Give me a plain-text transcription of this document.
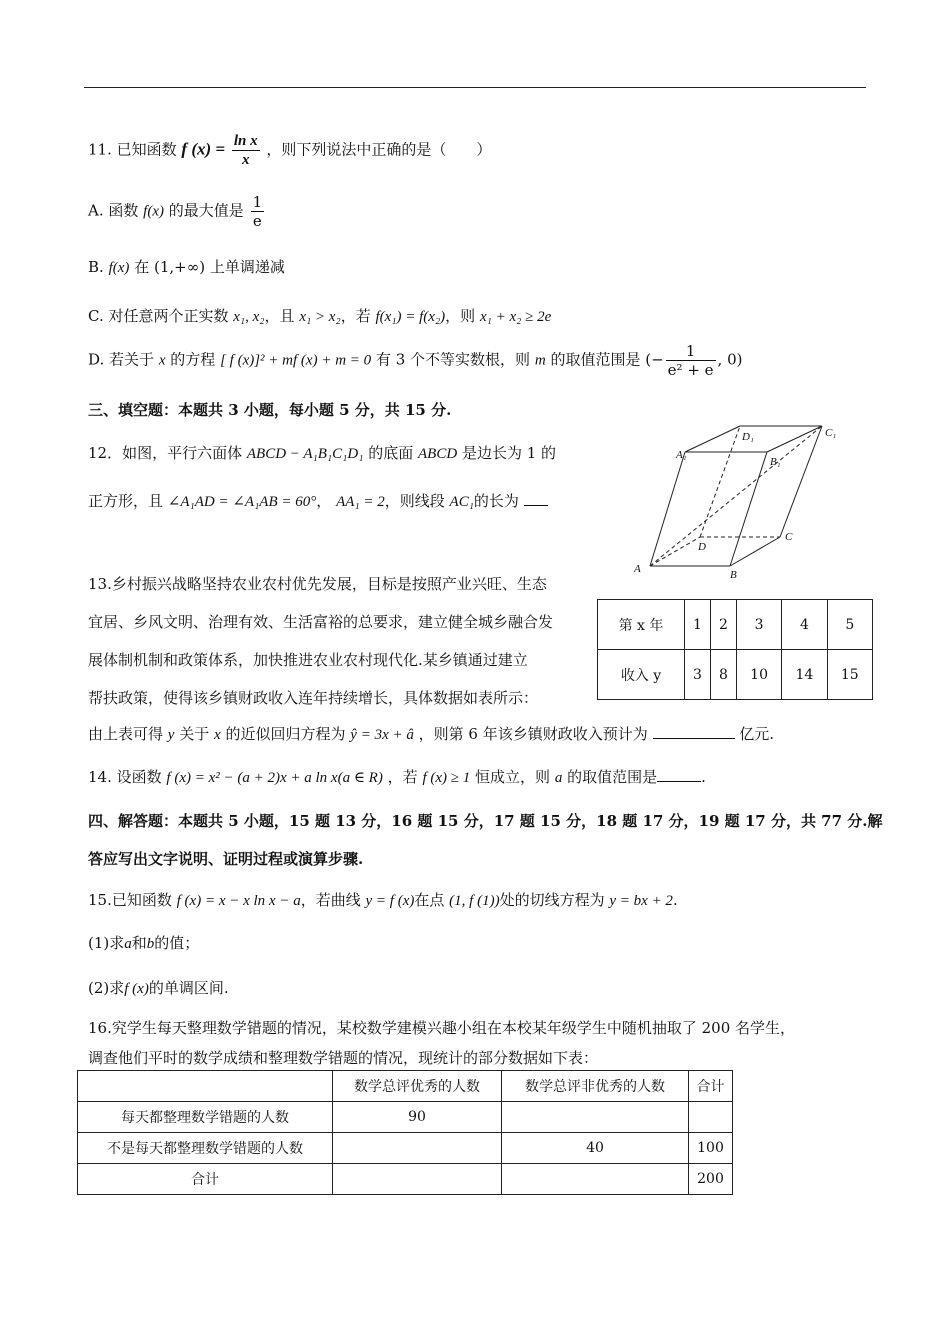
11. 已知函数 f $(x) = \frac{\text{ln x}}{x}$ ，则下列说法中正确的是（　　）
A. 函数 f(x) 的最大值是 $\frac{1}{e}$
B. f(x) 在 (1,+∞) 上单调递减
C. 对任意两个正实数 x₁, x₂，且 x₁ > x₂，若 f(x₁) = f(x₂)，则 x₁ + x₂ ≥ 2e
D. 若关于 x 的方程 [ f (x)]² + mf (x) + m = 0 有 3 个不等实数根，则 m 的取值范围是 (− $\frac{1}{\text{e² + e}}$ , 0)
三、填空题：本题共 3 小题，每小题 5 分，共 15 分.
12．如图，平行六面体 ABCD − A₁B₁C₁D₁ 的底面 ABCD 是边长为 1 的
正方形，且 ∠A₁AD = ∠A₁AB = 60°， AA₁ = 2，则线段 AC₁的长为
A	B
C
D
A₁
B₁
C₁
D₁
13.乡村振兴战略坚持农业农村优先发展，目标是按照产业兴旺、生态
宜居、乡风文明、治理有效、生活富裕的总要求，建立健全城乡融合发
展体制机制和政策体系，加快推进农业农村现代化.某乡镇通过建立
帮扶政策，使得该乡镇财政收入连年持续增长，具体数据如表所示：
由上表可得 y 关于 x 的近似回归方程为 ŷ = 3x + â ，则第 6 年该乡镇财政收入预计为	亿元.
第 x 年	1	2	3	4	5
收入 y	3	8	10	14	15
14. 设函数 f (x) = x² − (a + 2)x + a ln x(a ∈ R) ，若 f (x) ≥ 1 恒成立，则 a 的取值范围是	.
四、解答题：本题共 5 小题，15 题 13 分，16 题 15 分，17 题 15 分，18 题 17 分，19 题 17 分，共 77 分.解
答应写出文字说明、证明过程或演算步骤.
15.已知函数 f (x) = x − x ln x − a，若曲线 y = f (x)在点 (1, f (1))处的切线方程为 y = bx + 2.
(1)求a和b的值；
(2)求f (x)的单调区间.
16.究学生每天整理数学错题的情况，某校数学建模兴趣小组在本校某年级学生中随机抽取了 200 名学生，
调查他们平时的数学成绩和整理数学错题的情况，现统计的部分数据如下表：
	数学总评优秀的人数	数学总评非优秀的人数	合计
每天都整理数学错题的人数	90		
不是每天都整理数学错题的人数		40	100
合计			200
